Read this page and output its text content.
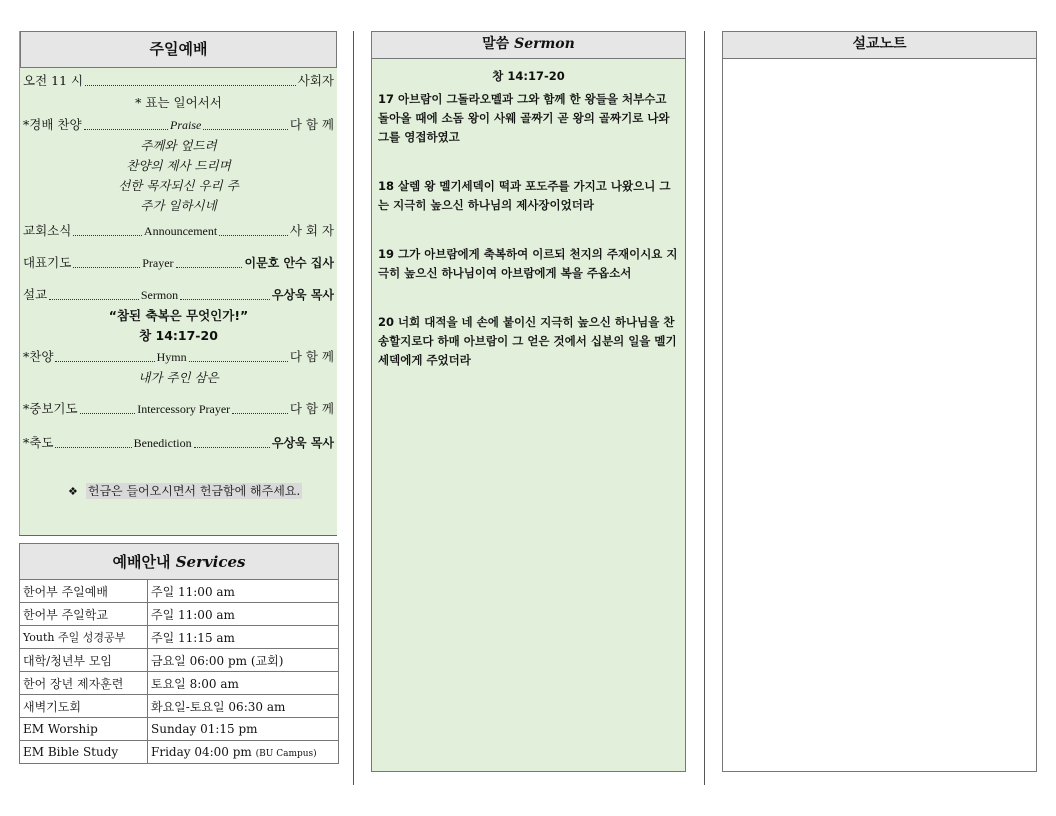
주일예배
오전 11 시	사회자
* 표는 일어서서
*경배 찬양	Praise	다 함 께
주께와 엎드려
찬양의 제사 드리며
선한 목자되신 우리 주
주가 일하시네
교회소식	Announcement	사 회 자
대표기도	Prayer	이문호 안수 집사
설교	Sermon	우상욱 목사
“참된 축복은 무엇인가!”
창 14:17-20
*찬양	Hymn	다 함 께
내가 주인 삼은
*중보기도	Intercessory Prayer	다 함 께
*축도	Benediction	우상욱 목사
❖ 헌금은 들어오시면서 헌금함에 해주세요.
예배안내 Services
한어부 주일예배	주일 11:00 am
한어부 주일학교	주일 11:00 am
Youth 주일 성경공부	주일 11:15 am
대학/청년부 모임	금요일 06:00 pm (교회)
한어 장년 제자훈련	토요일 8:00 am
새벽기도회	화요일-토요일 06:30 am
EM Worship	Sunday 01:15 pm
EM Bible Study	Friday 04:00 pm (BU Campus)
말씀 Sermon
창 14:17-20
17 아브람이 그돌라오멜과 그와 함께 한 왕들을 처부수고 돌아올 때에 소돔 왕이 사웨 골짜기 곧 왕의 골짜기로 나와 그를 영접하였고
18 살렘 왕 멜기세덱이 떡과 포도주를 가지고 나왔으니 그는 지극히 높으신 하나님의 제사장이었더라
19 그가 아브람에게 축복하여 이르되 천지의 주재이시요 지극히 높으신 하나님이여 아브람에게 복을 주옵소서
20 너희 대적을 네 손에 붙이신 지극히 높으신 하나님을 찬송할지로다 하매 아브람이 그 얻은 것에서 십분의 일을 멜기세덱에게 주었더라
설교노트
